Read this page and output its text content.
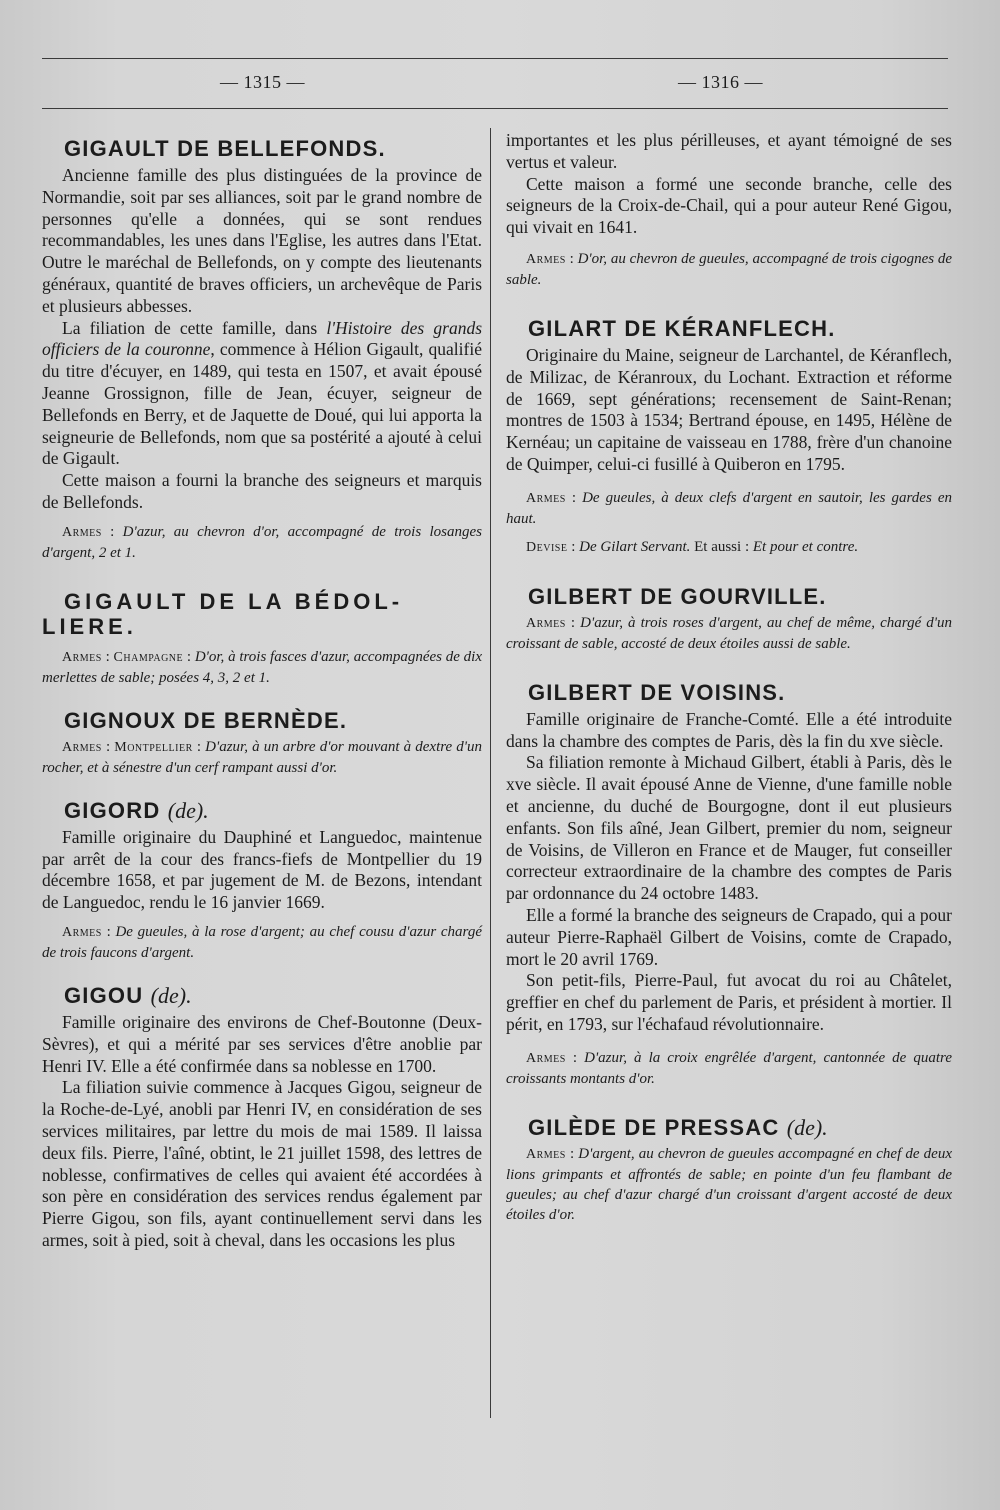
— 1315 —	— 1316 —
GIGAULT DE BELLEFONDS.

Ancienne famille des plus distinguées de la province de Normandie, soit par ses alliances, soit par le grand nombre de personnes qu'elle a données, qui se sont rendues recommandables, les unes dans l'Eglise, les autres dans l'Etat. Outre le maréchal de Bellefonds, on y compte des lieutenants généraux, quantité de braves officiers, un archevêque de Paris et plusieurs abbesses.

La filiation de cette famille, dans l'Histoire des grands officiers de la couronne, commence à Hélion Gigault, qualifié du titre d'écuyer, en 1489, qui testa en 1507, et avait épousé Jeanne Grossignon, fille de Jean, écuyer, seigneur de Bellefonds en Berry, et de Jaquette de Doué, qui lui apporta la seigneurie de Bellefonds, nom que sa postérité a ajouté à celui de Gigault.

Cette maison a fourni la branche des seigneurs et marquis de Bellefonds.

Armes : D'azur, au chevron d'or, accompagné de trois losanges d'argent, 2 et 1.

GIGAULT DE LA BÉDOL-
LIERE.

Armes : Champagne : D'or, à trois fasces d'azur, accompagnées de dix merlettes de sable; posées 4, 3, 2 et 1.

GIGNOUX DE BERNÈDE.

Armes : Montpellier : D'azur, à un arbre d'or mouvant à dextre d'un rocher, et à sénestre d'un cerf rampant aussi d'or.

GIGORD (de).

Famille originaire du Dauphiné et Languedoc, maintenue par arrêt de la cour des francs-fiefs de Montpellier du 19 décembre 1658, et par jugement de M. de Bezons, intendant de Languedoc, rendu le 16 janvier 1669.

Armes : De gueules, à la rose d'argent; au chef cousu d'azur chargé de trois faucons d'argent.

GIGOU (de).

Famille originaire des environs de Chef-Boutonne (Deux-Sèvres), et qui a mérité par ses services d'être anoblie par Henri IV. Elle a été confirmée dans sa noblesse en 1700.

La filiation suivie commence à Jacques Gigou, seigneur de la Roche-de-Lyé, anobli par Henri IV, en considération de ses services militaires, par lettre du mois de mai 1589. Il laissa deux fils. Pierre, l'aîné, obtint, le 21 juillet 1598, des lettres de noblesse, confirmatives de celles qui avaient été accordées à son père en considération des services rendus également par Pierre Gigou, son fils, ayant continuellement servi dans les armes, soit à pied, soit à cheval, dans les occasions les plus

importantes et les plus périlleuses, et ayant témoigné de ses vertus et valeur.

Cette maison a formé une seconde branche, celle des seigneurs de la Croix-de-Chail, qui a pour auteur René Gigou, qui vivait en 1641.

Armes : D'or, au chevron de gueules, accompagné de trois cigognes de sable.

GILART DE KÉRANFLECH.

Originaire du Maine, seigneur de Larchantel, de Kéranflech, de Milizac, de Kéranroux, du Lochant. Extraction et réforme de 1669, sept générations; recensement de Saint-Renan; montres de 1503 à 1534; Bertrand épouse, en 1495, Hélène de Kernéau; un capitaine de vaisseau en 1788, frère d'un chanoine de Quimper, celui-ci fusillé à Quiberon en 1795.

Armes : De gueules, à deux clefs d'argent en sautoir, les gardes en haut.

Devise : De Gilart Servant. Et aussi : Et pour et contre.

GILBERT DE GOURVILLE.

Armes : D'azur, à trois roses d'argent, au chef de même, chargé d'un croissant de sable, accosté de deux étoiles aussi de sable.

GILBERT DE VOISINS.

Famille originaire de Franche-Comté. Elle a été introduite dans la chambre des comptes de Paris, dès la fin du xve siècle.

Sa filiation remonte à Michaud Gilbert, établi à Paris, dès le xve siècle. Il avait épousé Anne de Vienne, d'une famille noble et ancienne, du duché de Bourgogne, dont il eut plusieurs enfants. Son fils aîné, Jean Gilbert, premier du nom, seigneur de Voisins, de Villeron en France et de Mauger, fut conseiller correcteur extraordinaire de la chambre des comptes de Paris par ordonnance du 24 octobre 1483.

Elle a formé la branche des seigneurs de Crapado, qui a pour auteur Pierre-Raphaël Gilbert de Voisins, comte de Crapado, mort le 20 avril 1769.

Son petit-fils, Pierre-Paul, fut avocat du roi au Châtelet, greffier en chef du parlement de Paris, et président à mortier. Il périt, en 1793, sur l'échafaud révolutionnaire.

Armes : D'azur, à la croix engrêlée d'argent, cantonnée de quatre croissants montants d'or.

GILÈDE DE PRESSAC (de).

Armes : D'argent, au chevron de gueules accompagné en chef de deux lions grimpants et affrontés de sable; en pointe d'un feu flambant de gueules; au chef d'azur chargé d'un croissant d'argent accosté de deux étoiles d'or.
